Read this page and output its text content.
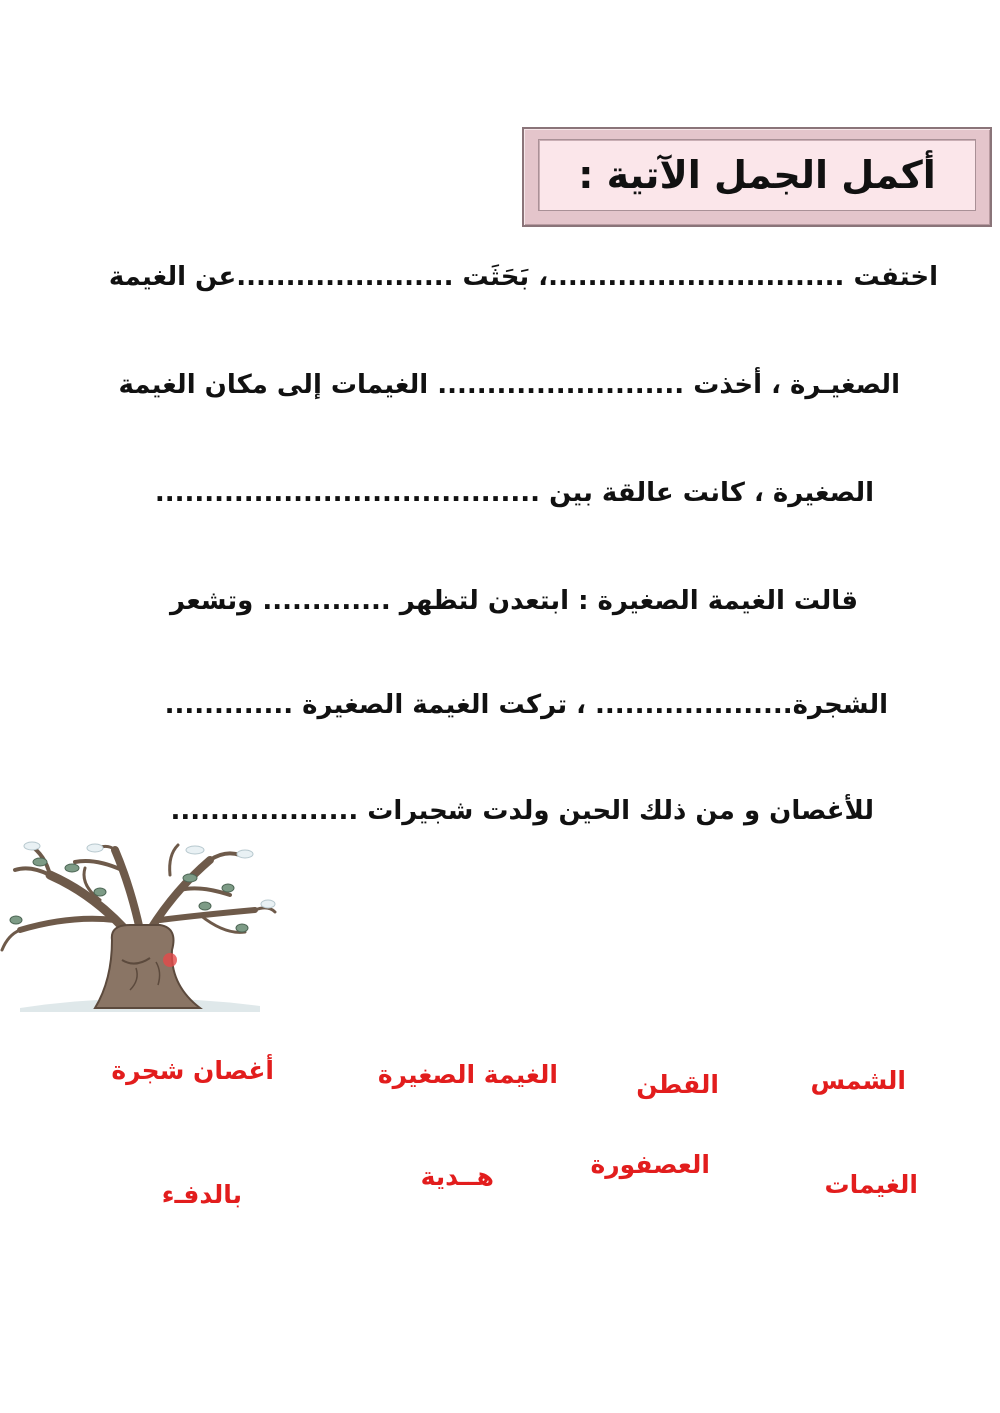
أكمل الجمل الآتية :
اختفت ..............................، بَحَثَت ......................عن الغيمة
الصغيـرة ، أخذت ......................... الغيمات إلى مكان الغيمة
الصغيرة ، كانت عالقة بين .......................................
قالت الغيمة الصغيرة : ابتعدن لتظهر ............. وتشعر
الشجرة.................... ، تركت الغيمة الصغيرة .............
للأغصان و من ذلك الحين ولدت شجيرات ...................
الشمس
القطن
الغيمة الصغيرة
أغصان شجرة
الغيمات
العصفورة
هــدية
بالدفـء
